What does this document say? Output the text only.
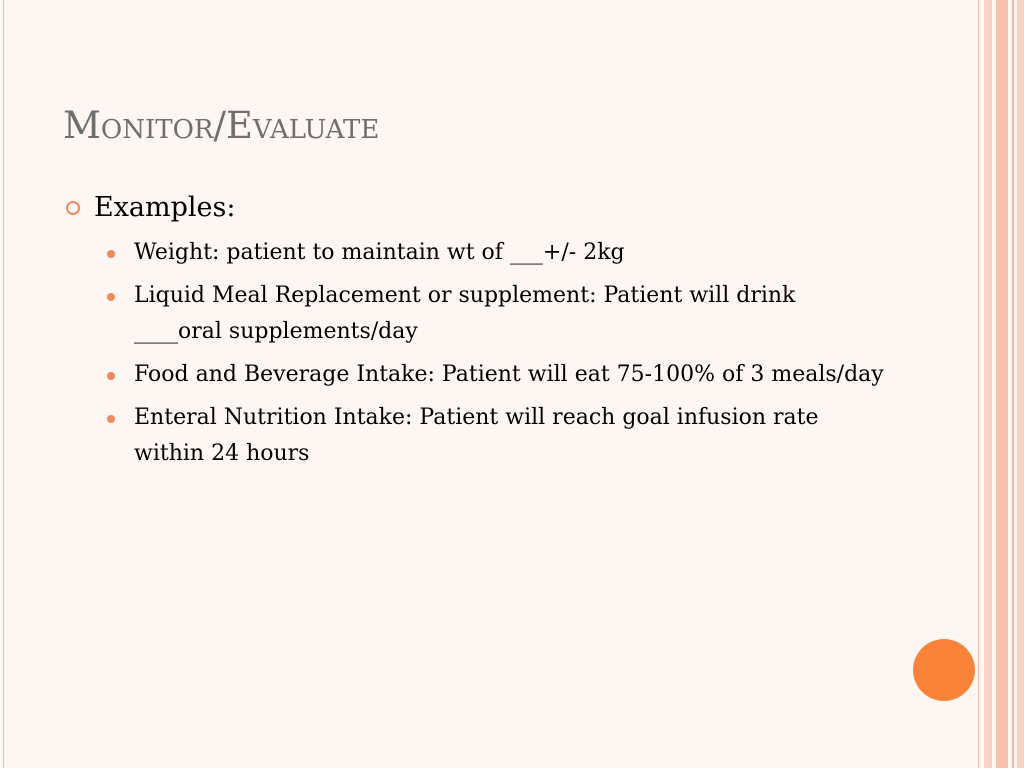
Monitor/Evaluate
Examples:
Weight: patient to maintain wt of ___+/- 2kg
Liquid Meal Replacement or supplement: Patient will drink ____oral supplements/day
Food and Beverage Intake: Patient will eat 75-100% of 3 meals/day
Enteral Nutrition Intake: Patient will reach goal infusion rate within 24 hours
